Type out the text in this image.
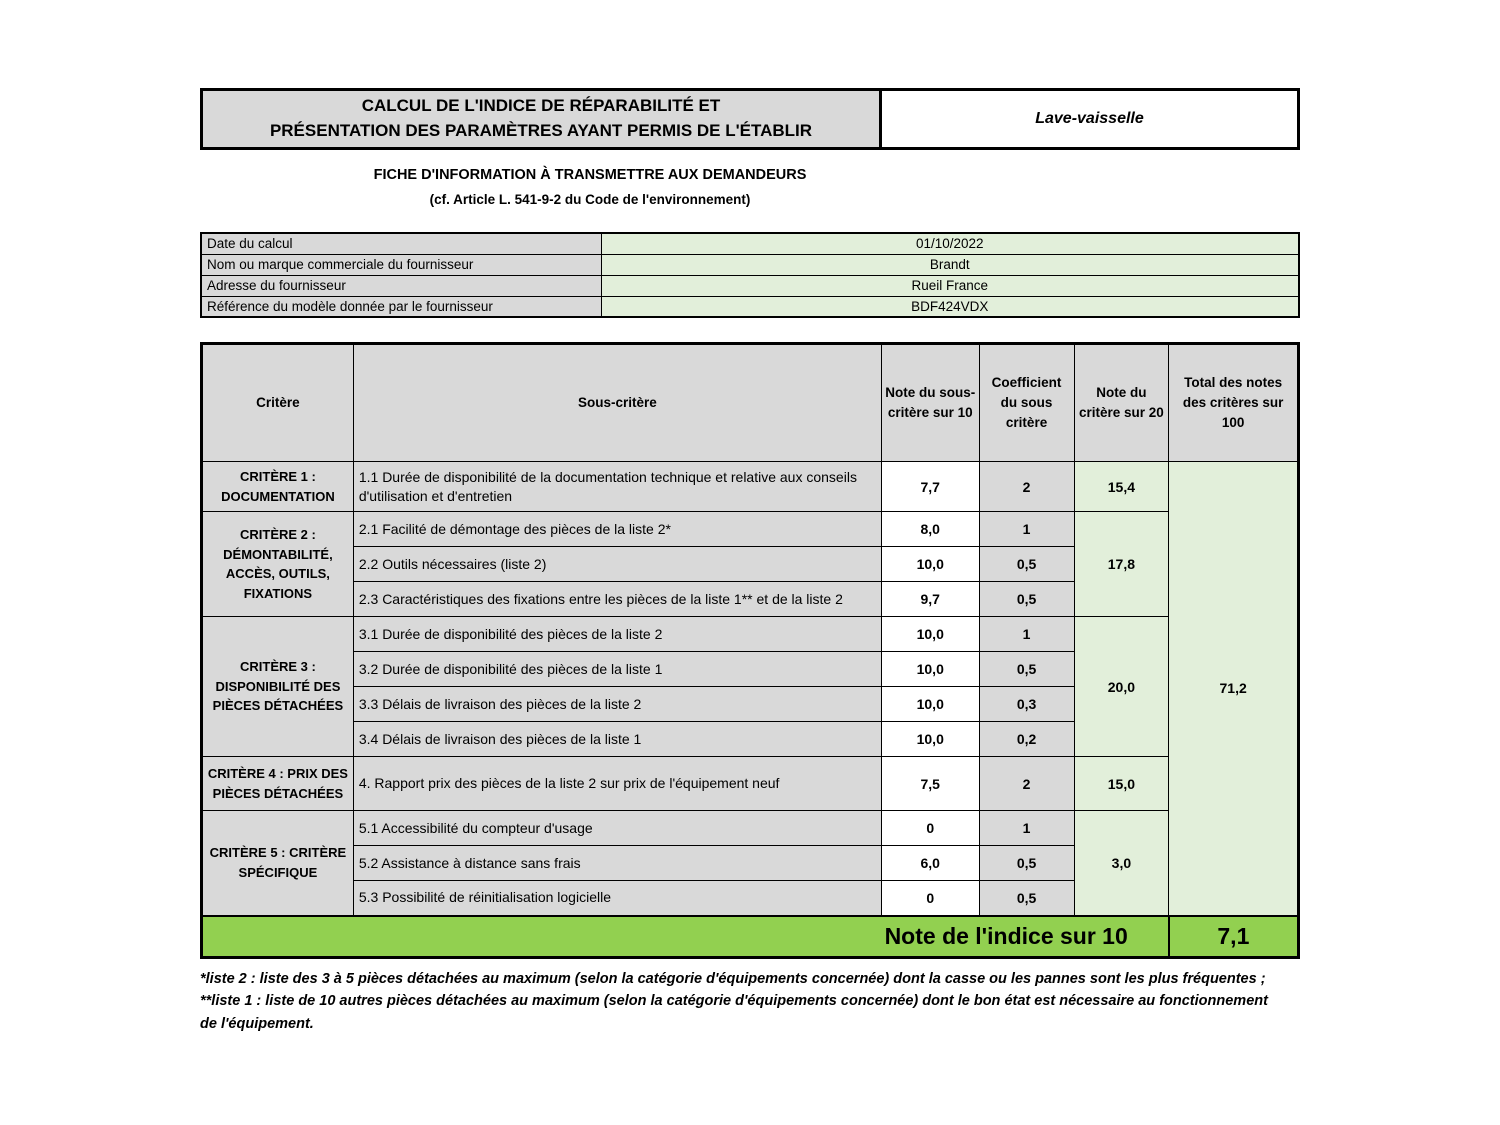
CALCUL DE L'INDICE DE RÉPARABILITÉ ET
PRÉSENTATION DES PARAMÈTRES AYANT PERMIS DE L'ÉTABLIR
Lave-vaisselle
FICHE D'INFORMATION À TRANSMETTRE AUX DEMANDEURS
(cf. Article L. 541-9-2 du Code de l'environnement)
Date du calcul	01/10/2022
Nom ou marque commerciale du fournisseur	Brandt
Adresse du fournisseur	Rueil France
Référence du modèle donnée par le fournisseur	BDF424VDX
Critère	Sous-critère	Note du sous-critère sur 10	Coefficient du sous critère	Note du critère sur 20	Total des notes des critères sur 100
CRITÈRE 1 : DOCUMENTATION	1.1 Durée de disponibilité de la documentation technique et relative aux conseils d'utilisation et d'entretien	7,7	2	15,4	71,2
CRITÈRE 2 : DÉMONTABILITÉ, ACCÈS, OUTILS, FIXATIONS	2.1 Facilité de démontage des pièces de la liste 2*	8,0	1	17,8	
	2.2 Outils nécessaires (liste 2)	10,0	0,5		
	2.3 Caractéristiques des fixations entre les pièces de la liste 1** et de la liste 2	9,7	0,5		
CRITÈRE 3 : DISPONIBILITÉ DES PIÈCES DÉTACHÉES	3.1 Durée de disponibilité des pièces de la liste 2	10,0	1	20,0	
	3.2 Durée de disponibilité des pièces de la liste 1	10,0	0,5		
	3.3 Délais de livraison des pièces de la liste 2	10,0	0,3		
	3.4 Délais de livraison des pièces de la liste 1	10,0	0,2		
CRITÈRE 4 : PRIX DES PIÈCES DÉTACHÉES	4. Rapport prix des pièces de la liste 2 sur prix de l'équipement neuf	7,5	2	15,0	
CRITÈRE 5 : CRITÈRE SPÉCIFIQUE	5.1 Accessibilité du compteur d'usage	0	1	3,0	
	5.2 Assistance à distance sans frais	6,0	0,5		
	5.3 Possibilité de réinitialisation logicielle	0	0,5		
Note de l'indice sur 10					7,1
*liste 2 : liste des 3 à 5 pièces détachées au maximum (selon la catégorie d'équipements concernée) dont la casse ou les pannes sont les plus fréquentes ;
**liste 1 : liste de 10 autres pièces détachées au maximum (selon la catégorie d'équipements concernée) dont le bon état est nécessaire au fonctionnement de l'équipement.
